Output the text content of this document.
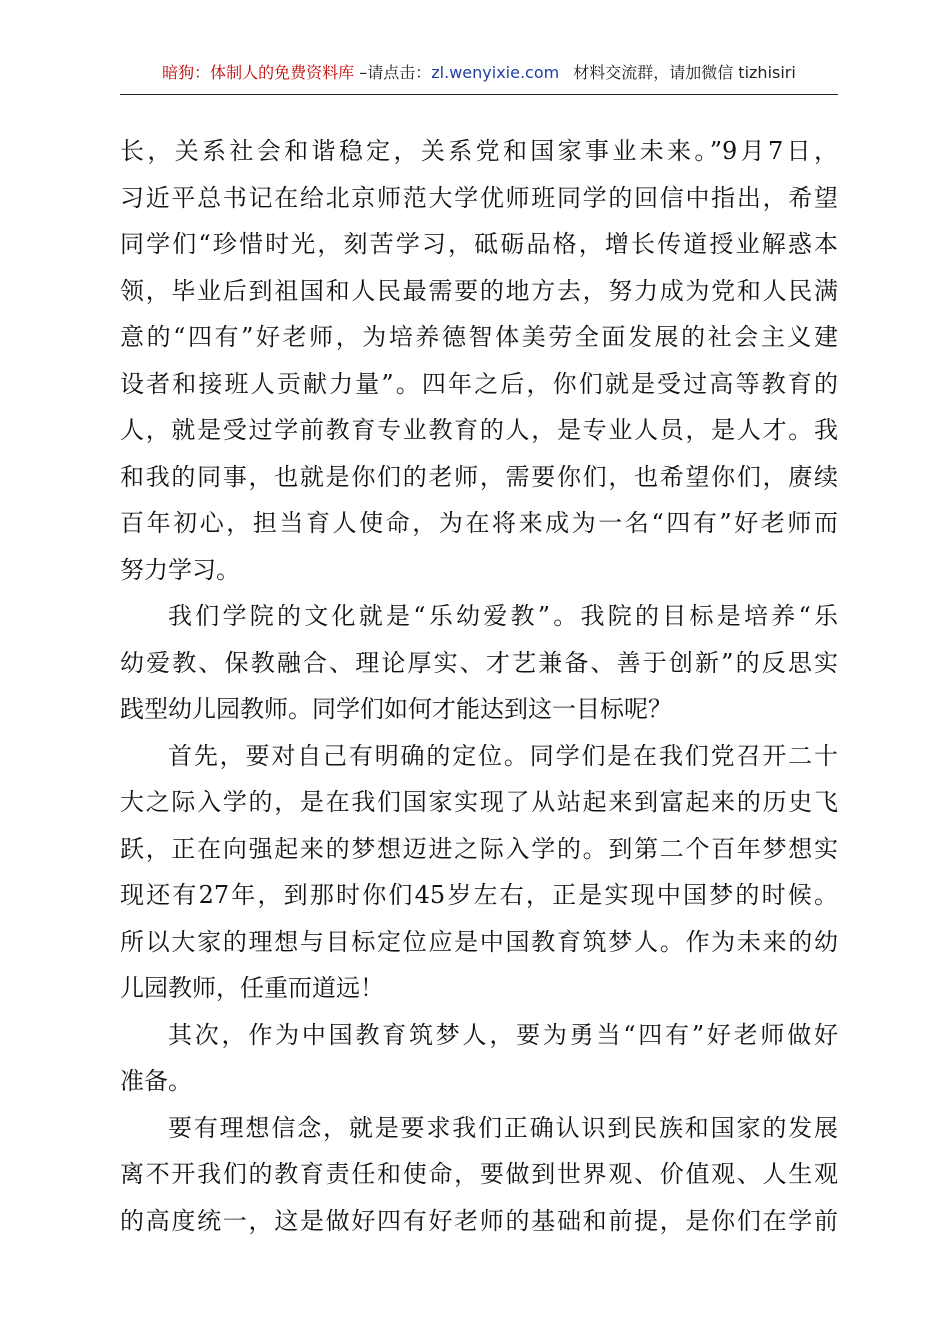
暗狗：体制人的免费资料库 –请点击：zl.wenyixie.com 材料交流群，请加微信 tizhisiri
长，关系社会和谐稳定，关系党和国家事业未来。”9月7日，
习近平总书记在给北京师范大学优师班同学的回信中指出，希望
同学们“珍惜时光，刻苦学习，砥砺品格，增长传道授业解惑本
领，毕业后到祖国和人民最需要的地方去，努力成为党和人民满
意的“四有”好老师，为培养德智体美劳全面发展的社会主义建
设者和接班人贡献力量”。四年之后，你们就是受过高等教育的
人，就是受过学前教育专业教育的人，是专业人员，是人才。我
和我的同事，也就是你们的老师，需要你们，也希望你们，赓续
百年初心，担当育人使命，为在将来成为一名“四有”好老师而
努力学习。
我们学院的文化就是“乐幼爱教”。我院的目标是培养“乐
幼爱教、保教融合、理论厚实、才艺兼备、善于创新”的反思实
践型幼儿园教师。同学们如何才能达到这一目标呢？
首先，要对自己有明确的定位。同学们是在我们党召开二十
大之际入学的，是在我们国家实现了从站起来到富起来的历史飞
跃，正在向强起来的梦想迈进之际入学的。到第二个百年梦想实
现还有27年，到那时你们45岁左右，正是实现中国梦的时候。
所以大家的理想与目标定位应是中国教育筑梦人。作为未来的幼
儿园教师，任重而道远！
其次，作为中国教育筑梦人，要为勇当“四有”好老师做好
准备。
要有理想信念，就是要求我们正确认识到民族和国家的发展
离不开我们的教育责任和使命，要做到世界观、价值观、人生观
的高度统一，这是做好四有好老师的基础和前提，是你们在学前
